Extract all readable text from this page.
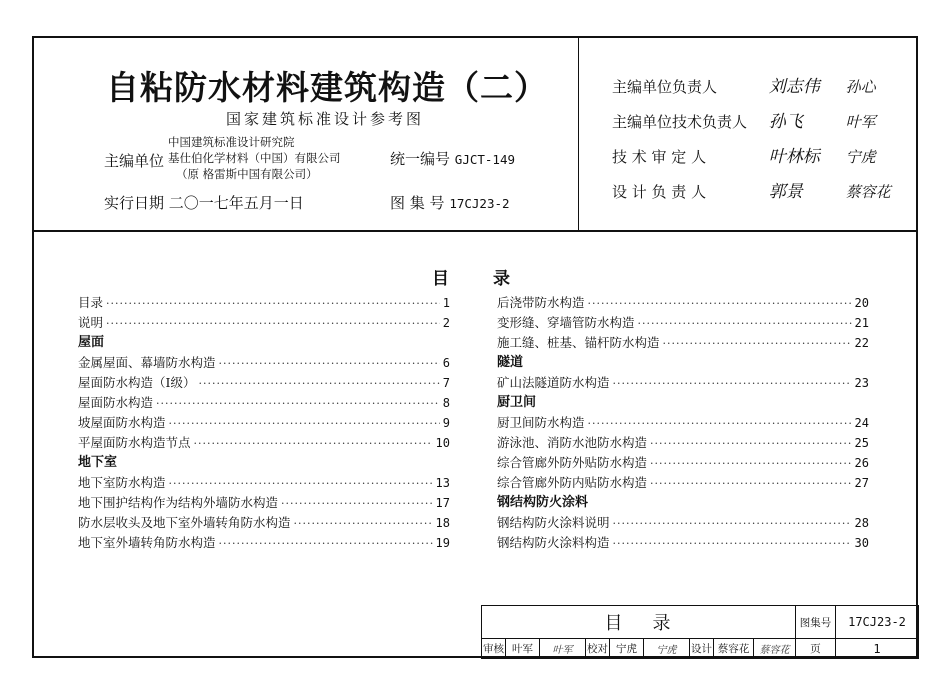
自粘防水材料建筑构造（二）
国家建筑标准设计参考图
主编单位
中国建筑标准设计研究院
基仕伯化学材料（中国）有限公司
（原 格雷斯中国有限公司）
统一编号 GJCT-149
实行日期 二〇一七年五月一日	图 集 号 17CJ23-2
主编单位负责人	刘志伟 孙心
主编单位技术负责人 孙飞	叶军
技 术 审 定 人	叶林标 宁虎
设 计 负 责 人	郭景	蔡容花
目录
目录 ·····	1
说明 ·····	2
屋面
金属屋面、幕墙防水构造 ·····	6
屋面防水构造（Ⅰ级） ·····	7
屋面防水构造 ·····	8
坡屋面防水构造 ·····	9
平屋面防水构造节点 ·····	10
地下室
地下室防水构造 ·····	13
地下围护结构作为结构外墙防水构造 ·····	17
防水层收头及地下室外墙转角防水构造 ·····	18
地下室外墙转角防水构造 ·····	19
后浇带防水构造 ·····	20
变形缝、穿墙管防水构造 ·····	21
施工缝、桩基、锚杆防水构造 ·····	22
隧道
矿山法隧道防水构造 ·····	23
厨卫间
厨卫间防水构造 ·····	24
游泳池、消防水池防水构造 ·····	25
综合管廊外防外贴防水构造 ·····	26
综合管廊外防内贴防水构造 ·····	27
钢结构防火涂料
钢结构防火涂料说明 ·····	28
钢结构防火涂料构造 ·····	30
目录	图集号	17CJ23-2
审核 叶军	叶军	校对 宁虎	宁虎	设计 蔡容花	蔡容花	页	1
